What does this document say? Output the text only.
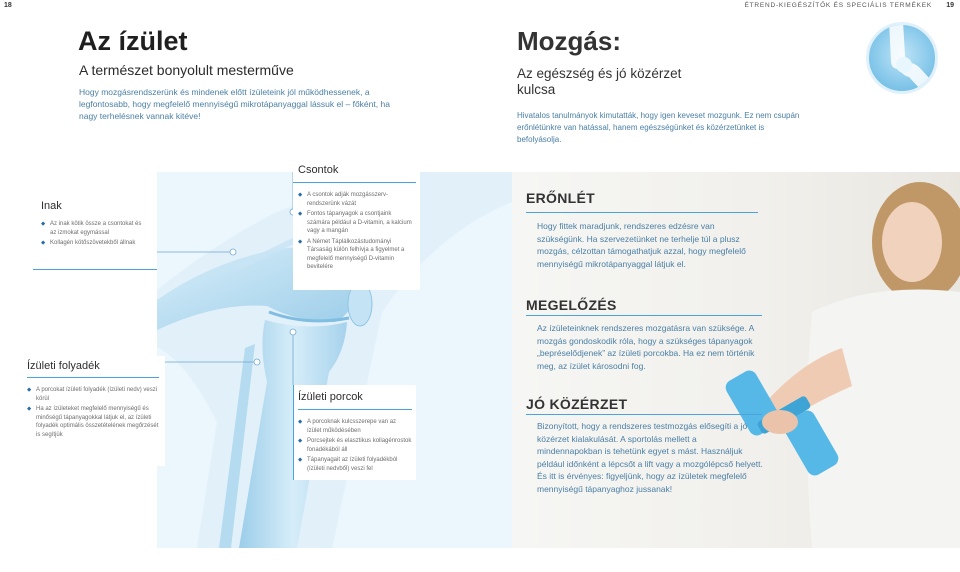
18	ÉTREND-KIEGÉSZÍTŐK ÉS SPECIÁLIS TERMÉKEK 19
Az ízület
A természet bonyolult mesterműve

Hogy mozgásrendszerünk és mindenek előtt ízületeink jól működhessenek, a legfontosabb, hogy megfelelő mennyiségű mikrotápanyaggal lássuk el – főként, ha nagy terhelésnek vannak kitéve!

Mozgás:
Az egészség és jó közérzet kulcsa

Hivatalos tanulmányok kimutatták, hogy igen keveset mozgunk. Ez nem csupán erőnlétünkre van hatással, hanem egészségünket és közérzetünket is befolyásolja.

Inak
◆ Az inak kötik össze a csontokat és az izmokat egymással
◆ Kollagén kötőszövetekből állnak
Csontok
◆ A csontok adják mozgásszerv-rendszerünk vázát
◆ Fontos tápanyagok a csontjaink számára például a D-vitamin, a kalcium vagy a mangán
◆ A Német Táplálkozástudományi Társaság külön felhívja a figyelmet a megfelelő mennyiségű D-vitamin bevitelére
Ízületi folyadék
◆ A porcokat ízületi folyadék (ízületi nedv) veszi körül
◆ Ha az ízületeket megfelelő mennyiségű és minőségű tápanyagokkal látjuk el, az ízületi folyadék optimális összetételének megőrzését is segítjük
Ízületi porcok
◆ A porcoknak kulcsszerepe van az ízület működésében
◆ Porcsejtek és elasztikus kollagénrostok fonadékából áll
◆ Tápanyagait az ízületi folyadékból (ízületi nedvből) veszi fel
ERŐNLÉT

Hogy fittek maradjunk, rendszeres edzésre van szükségünk. Ha szervezetünket ne terhelje túl a plusz mozgás, célzottan támogathatjuk azzal, hogy megfelelő mennyiségű mikrotápanyaggal látjuk el.

MEGELŐZÉS

Az ízületeinknek rendszeres mozgatásra van szüksége. A mozgás gondoskodik róla, hogy a szükséges tápanyagok „bepréselődjenek” az ízületi porcokba. Ha ez nem történik meg, az ízület károsodni fog.

JÓ KÖZÉRZET

Bizonyított, hogy a rendszeres testmozgás elősegíti a jó közérzet kialakulását. A sportolás mellett a mindennapokban is tehetünk egyet s mást. Használjuk például időnként a lépcsőt a lift vagy a mozgólépcső helyett. És itt is érvényes: figyeljünk, hogy az ízületek megfelelő mennyiségű tápanyaghoz jussanak!
